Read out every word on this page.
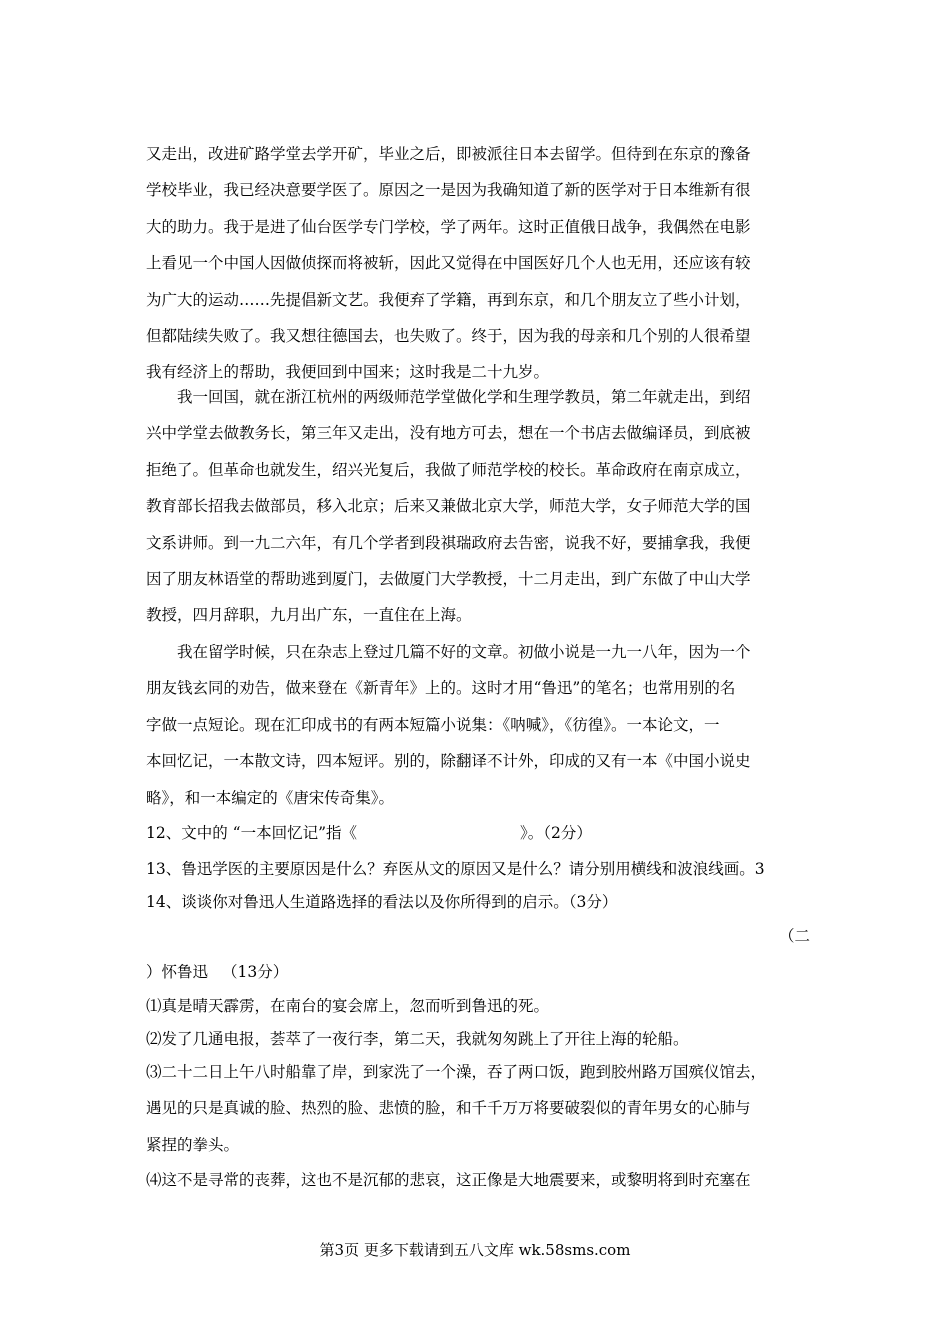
又走出，改进矿路学堂去学开矿，毕业之后，即被派往日本去留学。但待到在东京的豫备

学校毕业，我已经决意要学医了。原因之一是因为我确知道了新的医学对于日本维新有很

大的助力。我于是进了仙台医学专门学校，学了两年。这时正值俄日战争，我偶然在电影

上看见一个中国人因做侦探而将被斩，因此又觉得在中国医好几个人也无用，还应该有较

为广大的运动……先提倡新文艺。我便弃了学籍，再到东京，和几个朋友立了些小计划，

但都陆续失败了。我又想往德国去，也失败了。终于，因为我的母亲和几个别的人很希望

我有经济上的帮助，我便回到中国来；这时我是二十九岁。

我一回国，就在浙江杭州的两级师范学堂做化学和生理学教员，第二年就走出，到绍

兴中学堂去做教务长，第三年又走出，没有地方可去，想在一个书店去做编译员，到底被

拒绝了。但革命也就发生，绍兴光复后，我做了师范学校的校长。革命政府在南京成立，

教育部长招我去做部员，移入北京；后来又兼做北京大学，师范大学，女子师范大学的国

文系讲师。到一九二六年，有几个学者到段祺瑞政府去告密，说我不好，要捕拿我，我便

因了朋友林语堂的帮助逃到厦门，去做厦门大学教授，十二月走出，到广东做了中山大学

教授，四月辞职，九月出广东，一直住在上海。

我在留学时候，只在杂志上登过几篇不好的文章。初做小说是一九一八年，因为一个

朋友钱玄同的劝告，做来登在《新青年》上的。这时才用“鲁迅”的笔名；也常用别的名

字做一点短论。现在汇印成书的有两本短篇小说集：《呐喊》，《彷徨》。一本论文，一

本回忆记，一本散文诗，四本短评。别的，除翻译不计外，印成的又有一本《中国小说史

略》，和一本编定的《唐宋传奇集》。

12、文中的 “一本回忆记”指《	》。（2分）
13、鲁迅学医的主要原因是什么？弃医从文的原因又是什么？请分别用横线和波浪线画。3
14、谈谈你对鲁迅人生道路选择的看法以及你所得到的启示。（3分）
（二
）怀鲁迅 （13分）
⑴真是晴天霹雳，在南台的宴会席上，忽而听到鲁迅的死。
⑵发了几通电报，荟萃了一夜行李，第二天，我就匆匆跳上了开往上海的轮船。

⑶二十二日上午八时船靠了岸，到家洗了一个澡，吞了两口饭，跑到胶州路万国殡仪馆去，

遇见的只是真诚的脸、热烈的脸、悲愤的脸，和千千万万将要破裂似的青年男女的心肺与

紧捏的拳头。

⑷这不是寻常的丧葬，这也不是沉郁的悲哀，这正像是大地震要来，或黎明将到时充塞在
第3页 更多下载请到五八文库 wk.58sms.com
